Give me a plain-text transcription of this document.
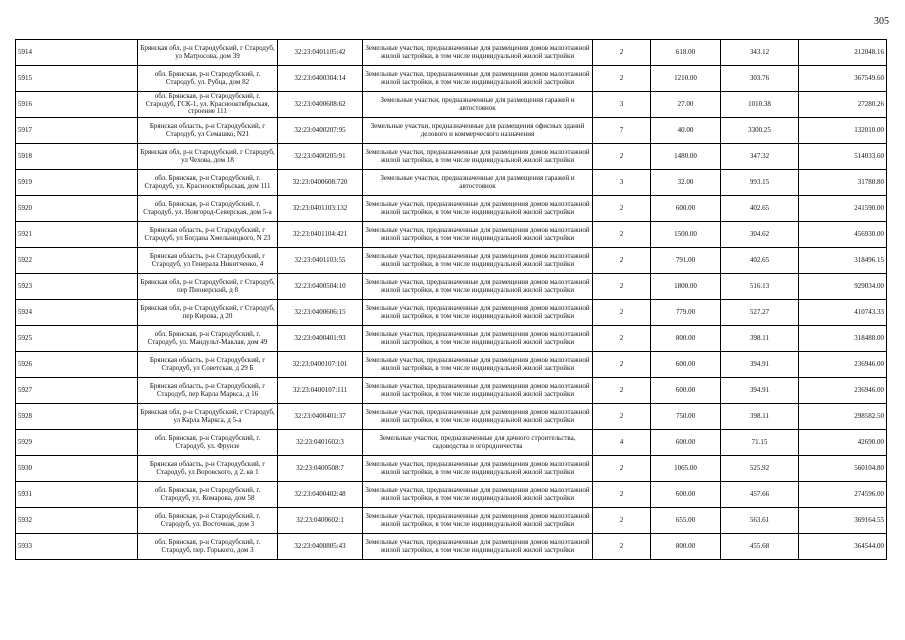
305
5914	Брянская обл, р-н Стародубский, г Стародуб, ул Матросова, дом 39	32:23:0401105:42	Земельные участки, предназначенные для размещения домов малоэтажной жилой застройки, в том числе индивидуальной жилой застройки	2	618.00	343.12	212048.16
5915	обл. Брянская, р-н Стародубский, г. Стародуб, ул. Рубца, дом 82	32:23:0400304:14	Земельные участки, предназначенные для размещения домов малоэтажной жилой застройки, в том числе индивидуальной жилой застройки	2	1210.00	303.76	367549.60
5916	обл. Брянская, р-н Стародубский, г. Стародуб, ГСК-1, ул. Краснооктябрьская, строение 111	32:23:0400608:62	Земельные участки, предназначенные для размещения гаражей и автостоянок	3	27.00	1010.38	27280.26
5917	Брянская область, р-н Стародубский, г Стародуб, ул Семашко, N21	32:23:0400207:95	Земельные участки, предназначенные для размещения офисных зданий делового и коммерческого назначения	7	40.00	3300.25	132010.00
5918	Брянская обл, р-н Стародубский, г Стародуб, ул Чехова, дом 18	32:23:0400205:91	Земельные участки, предназначенные для размещения домов малоэтажной жилой застройки, в том числе индивидуальной жилой застройки	2	1480.00	347.32	514033.60
5919	обл. Брянская, р-н Стародубский, г. Стародуб, ул. Краснооктябрьская, дом 111	32:23:0400608:720	Земельные участки, предназначенные для размещения гаражей и автостоянок	3	32.00	993.15	31780.80
5920	обл. Брянская, р-н Стародубский, г. Стародуб, ул. Новгород-Северская, дом 5-а	32:23:0401103:132	Земельные участки, предназначенные для размещения домов малоэтажной жилой застройки, в том числе индивидуальной жилой застройки	2	600.00	402.65	241590.00
5921	Брянская область, р-н Стародубский, г Стародуб, ул Богдана Хмельницкого, N 23	32:23:0401104:421	Земельные участки, предназначенные для размещения домов малоэтажной жилой застройки, в том числе индивидуальной жилой застройки	2	1500.00	304.62	456930.00
5922	Брянская область, р-н Стародубский, г Стародуб, ул Генерала Никитченко, 4	32:23:0401103:55	Земельные участки, предназначенные для размещения домов малоэтажной жилой застройки, в том числе индивидуальной жилой застройки	2	791.00	402.65	318496.15
5923	Брянская обл, р-н Стародубский, г Стародуб, пер Пионерский, д 8	32:23:0400504:10	Земельные участки, предназначенные для размещения домов малоэтажной жилой застройки, в том числе индивидуальной жилой застройки	2	1800.00	516.13	929034.00
5924	Брянская обл, р-н Стародубский, г Стародуб, пер Кирова, д 20	32:23:0400606:15	Земельные участки, предназначенные для размещения домов малоэтажной жилой застройки, в том числе индивидуальной жилой застройки	2	779.00	527.27	410743.33
5925	обл. Брянская, р-н Стародубский, г. Стародуб, ул. Мандульт-Маклая, дом 49	32:23:0400401:93	Земельные участки, предназначенные для размещения домов малоэтажной жилой застройки, в том числе индивидуальной жилой застройки	2	800.00	398.11	318488.00
5926	Брянская область, р-н Стародубский, г Стародуб, ул Советская, д 29 Б	32:23:0400107:101	Земельные участки, предназначенные для размещения домов малоэтажной жилой застройки, в том числе индивидуальной жилой застройки	2	600.00	394.91	236946.00
5927	Брянская область, р-н Стародубский, г Стародуб, пер Карла Маркса, д 16	32:23:0400107:111	Земельные участки, предназначенные для размещения домов малоэтажной жилой застройки, в том числе индивидуальной жилой застройки	2	600.00	394.91	236946.00
5928	Брянская обл, р-н Стародубский, г Стародуб, ул Карла Маркса, д 5-а	32:23:0400401:37	Земельные участки, предназначенные для размещения домов малоэтажной жилой застройки, в том числе индивидуальной жилой застройки	2	750.00	398.11	298582.50
5929	обл. Брянская, р-н Стародубский, г. Стародуб, ул. Фрунзе	32:23:0401602:3	Земельные участки, предназначенные для дачного строительства, садоводства и огородничества	4	600.00	71.15	42690.00
5930	Брянская область, р-н Стародубский, г Стародуб, ул Воровского, д 2, кв 1	32:23:0400508:7	Земельные участки, предназначенные для размещения домов малоэтажной жилой застройки, в том числе индивидуальной жилой застройки	2	1065.00	525.92	560104.80
5931	обл. Брянская, р-н Стародубский, г. Стародуб, ул. Комарова, дом 58	32:23:0400402:48	Земельные участки, предназначенные для размещения домов малоэтажной жилой застройки, в том числе индивидуальной жилой застройки	2	600.00	457.66	274596.00
5932	обл. Брянская, р-н Стародубский, г. Стародуб, ул. Восточная, дом 3	32:23:0400602:1	Земельные участки, предназначенные для размещения домов малоэтажной жилой застройки, в том числе индивидуальной жилой застройки	2	655.00	563.61	369164.55
5933	обл. Брянская, р-н Стародубский, г. Стародуб, пер. Горького, дом 3	32:23:0400805:43	Земельные участки, предназначенные для размещения домов малоэтажной жилой застройки, в том числе индивидуальной жилой застройки	2	800.00	455.68	364544.00
